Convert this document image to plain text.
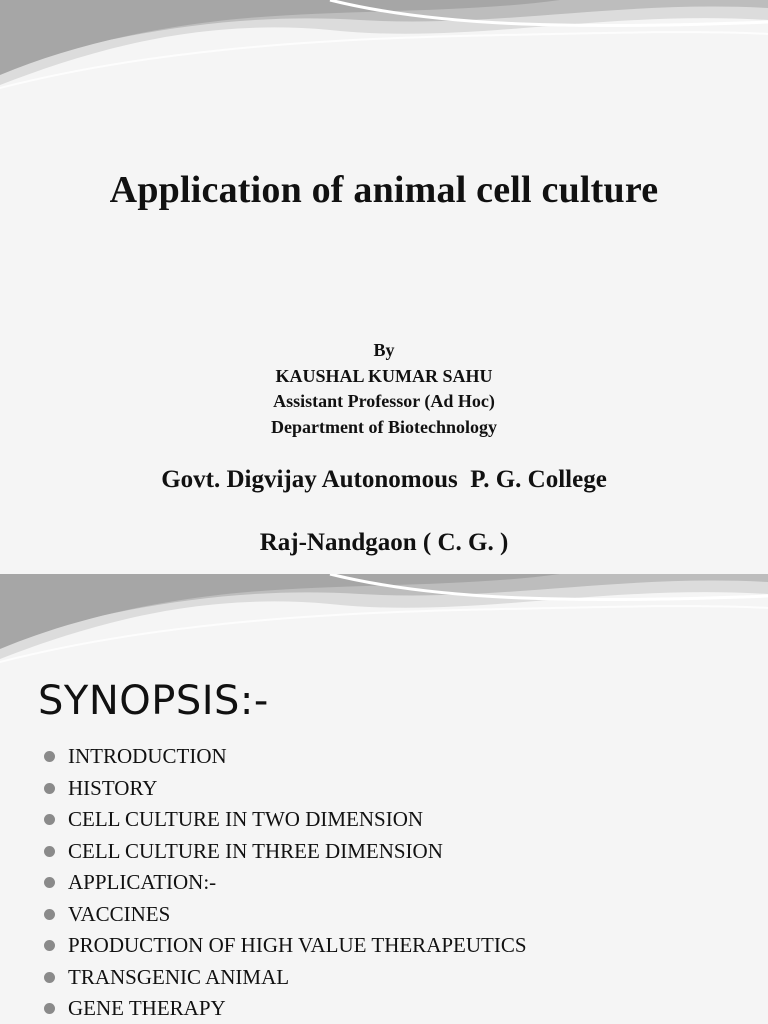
Application of animal cell culture
By
KAUSHAL KUMAR SAHU
Assistant Professor (Ad Hoc)
Department of Biotechnology
Govt. Digvijay Autonomous  P. G. College
Raj-Nandgaon ( C. G. )
SYNOPSIS:-
INTRODUCTION
HISTORY
CELL CULTURE IN TWO DIMENSION
CELL CULTURE IN THREE DIMENSION
APPLICATION:-
VACCINES
PRODUCTION OF HIGH VALUE THERAPEUTICS
TRANSGENIC ANIMAL
GENE THERAPY
